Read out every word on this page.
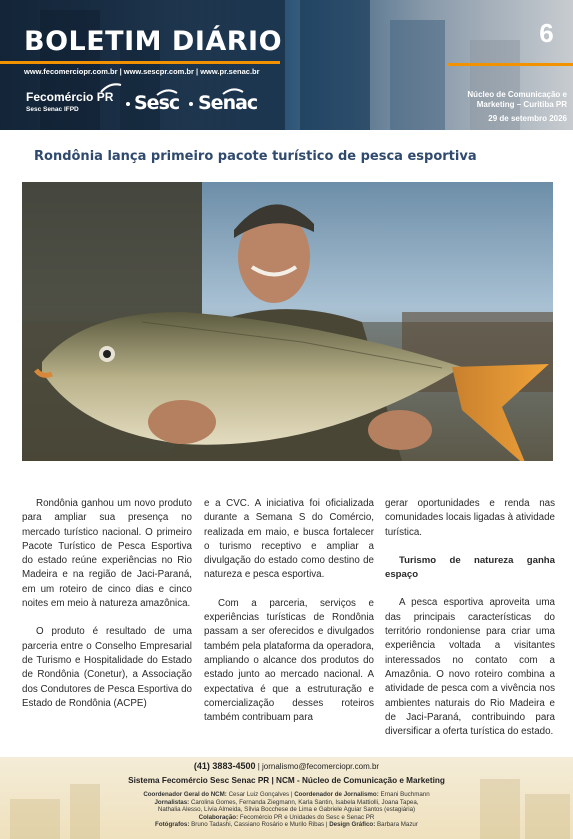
BOLETIM DIÁRIO
www.fecomerciopr.com.br | www.sescpr.com.br | www.pr.senac.br
6
Núcleo de Comunicação e
Marketing – Curitiba PR
29 de setembro 2026
Fecomércio PR
Sesc Senac IFPD	Sesc Senac
Rondônia lança primeiro pacote turístico de pesca esportiva

Rondônia ganhou um novo produto para ampliar sua presença no mercado turístico nacional. O primeiro Pacote Turístico de Pesca Esportiva do estado reúne experiências no Rio Madeira e na região de Jaci-Paraná, em um roteiro de cinco dias e cinco noites em meio à natureza amazônica.

O produto é resultado de uma parceria entre o Conselho Empresarial de Turismo e Hospitalidade do Estado de Rondônia (Conetur), a Associação dos Condutores de Pesca Esportiva do Estado de Rondônia (ACPE)

e a CVC. A iniciativa foi oficializada durante a Semana S do Comércio, realizada em maio, e busca fortalecer o turismo receptivo e ampliar a divulgação do estado como destino de natureza e pesca esportiva.

Com a parceria, serviços e experiências turísticas de Rondônia passam a ser oferecidos e divulgados também pela plataforma da operadora, ampliando o alcance dos produtos do estado junto ao mercado nacional. A expectativa é que a estruturação e comercialização desses roteiros também contribuam para

gerar oportunidades e renda nas comunidades locais ligadas à atividade turística.

Turismo de natureza ganha espaço

A pesca esportiva aproveita uma das principais características do território rondoniense para criar uma experiência voltada a visitantes interessados no contato com a Amazônia. O novo roteiro combina a atividade de pesca com a vivência nos ambientes naturais do Rio Madeira e de Jaci-Paraná, contribuindo para diversificar a oferta turística do estado.

(41) 3883-4500 | jornalismo@fecomerciopr.com.br
Sistema Fecomércio Sesc Senac PR | NCM - Núcleo de Comunicação e Marketing
Coordenador Geral do NCM: Cesar Luiz Gonçalves | Coordenador de Jornalismo: Ernani Buchmann
Jornalistas: Carolina Gomes, Fernanda Ziegmann, Karla Santin, Isabela Mattiolli, Joana Tapea,
Nathalia Alesso, Lívia Almeida, Sílvia Bocchese de Lima e Gabriele Aguiar Santos (estagiária)
Colaboração: Fecomércio PR e Unidades do Sesc e Senac PR
Fotógrafos: Bruno Tadashi, Cassiano Rosário e Murilo Ribas | Design Gráfico: Barbara Mazur
